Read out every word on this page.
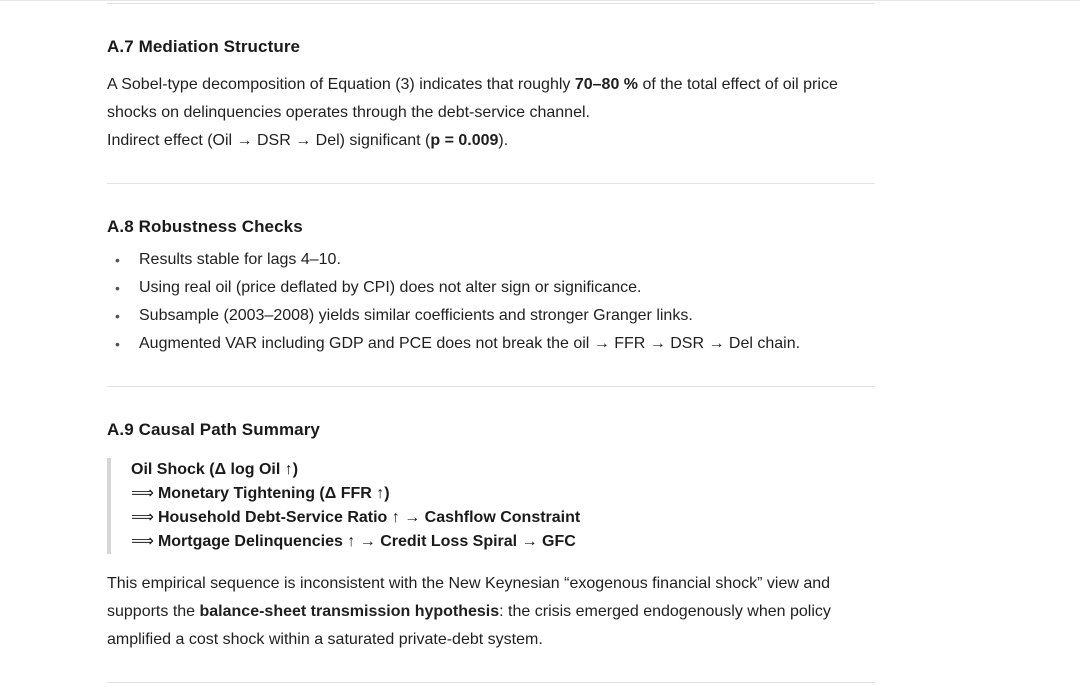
A.7 Mediation Structure

A Sobel-type decomposition of Equation (3) indicates that roughly 70–80 % of the total effect of oil price shocks on delinquencies operates through the debt-service channel.

Indirect effect (Oil → DSR → Del) significant (p = 0.009).

A.8 Robustness Checks
• Results stable for lags 4–10.
• Using real oil (price deflated by CPI) does not alter sign or significance.
• Subsample (2003–2008) yields similar coefficients and stronger Granger links.
• Augmented VAR including GDP and PCE does not break the oil → FFR → DSR → Del chain.
A.9 Causal Path Summary
Oil Shock (Δ log Oil ↑)
⟹ Monetary Tightening (Δ FFR ↑)
⟹ Household Debt-Service Ratio ↑ → Cashflow Constraint
⟹ Mortgage Delinquencies ↑ → Credit Loss Spiral → GFC

This empirical sequence is inconsistent with the New Keynesian “exogenous financial shock” view and supports the balance-sheet transmission hypothesis: the crisis emerged endogenously when policy amplified a cost shock within a saturated private-debt system.
